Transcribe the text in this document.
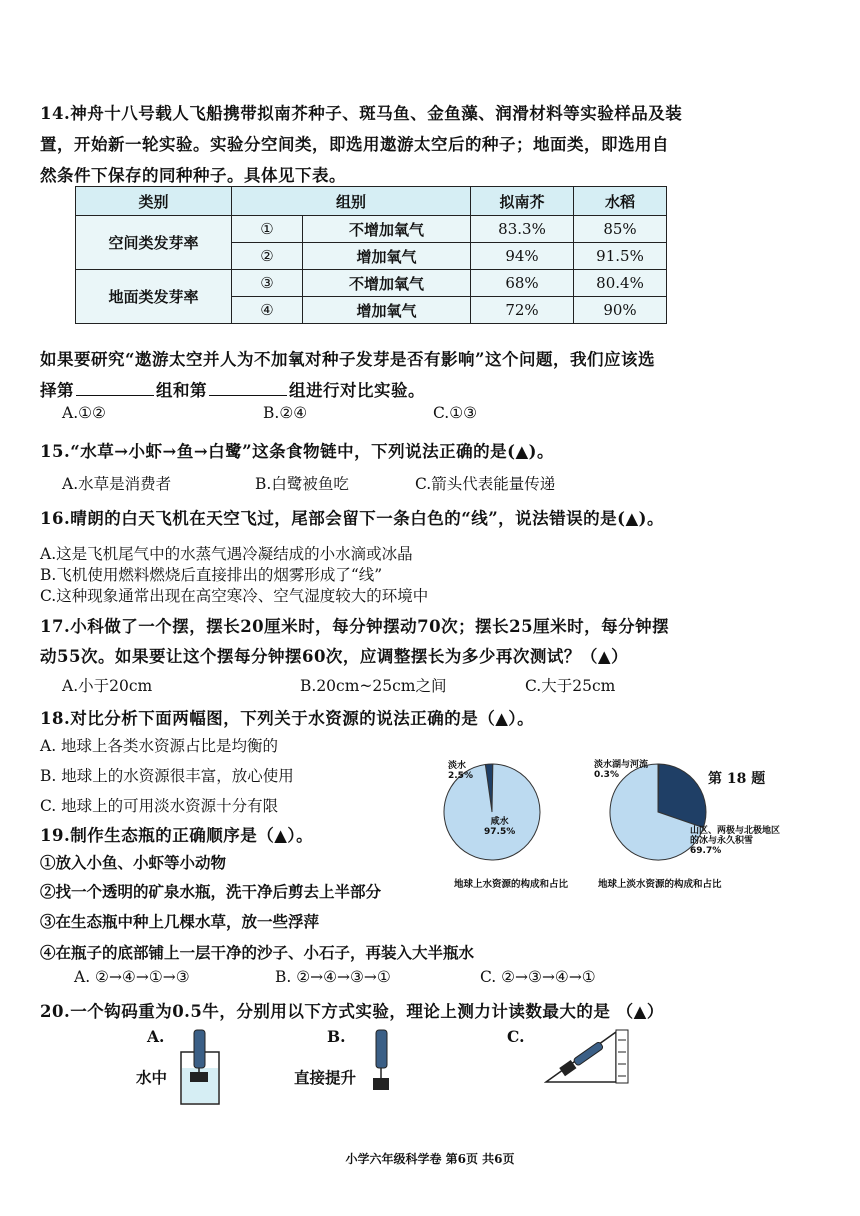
14.神舟十八号载人飞船携带拟南芥种子、斑马鱼、金鱼藻、润滑材料等实验样品及装
置，开始新一轮实验。实验分空间类，即选用遨游太空后的种子；地面类，即选用自
然条件下保存的同种种子。具体见下表。
类别	组别		拟南芥	水稻
空间类发芽率	①	不增加氧气	83.3%	85%
	②	增加氧气	94%	91.5%
地面类发芽率	③	不增加氧气	68%	80.4%
	④	增加氧气	72%	90%
如果要研究“遨游太空并人为不加氧对种子发芽是否有影响”这个问题，我们应该选
择第	组和第	组进行对比实验。
A.①②	B.②④	C.①③
15.“水草→小虾→鱼→白鹭”这条食物链中，下列说法正确的是(▲)。
A.水草是消费者	B.白鹭被鱼吃	C.箭头代表能量传递
16.晴朗的白天飞机在天空飞过，尾部会留下一条白色的“线”，说法错误的是(▲)。
A.这是飞机尾气中的水蒸气遇冷凝结成的小水滴或冰晶
B.飞机使用燃料燃烧后直接排出的烟雾形成了“线”
C.这种现象通常出现在高空寒冷、空气湿度较大的环境中
17.小科做了一个摆，摆长20厘米时，每分钟摆动70次；摆长25厘米时，每分钟摆
动55次。如果要让这个摆每分钟摆60次，应调整摆长为多少再次测试？（▲）
A.小于20cm	B.20cm~25cm之间	C.大于25cm
18.对比分析下面两幅图，下列关于水资源的说法正确的是（▲）。
A. 地球上各类水资源占比是均衡的
B. 地球上的水资源很丰富，放心使用
C. 地球上的可用淡水资源十分有限
第 18 题
淡水
2.5%
咸水
97.5%
淡水湖与河流0.3%
山区、两极与北极地区的冰与永久积雪69.7%
地球上水资源的构成和占比	地球上淡水资源的构成和占比
19.制作生态瓶的正确顺序是（▲）。
①放入小鱼、小虾等小动物
②找一个透明的矿泉水瓶，洗干净后剪去上半部分
③在生态瓶中种上几棵水草，放一些浮萍
④在瓶子的底部铺上一层干净的沙子、小石子，再装入大半瓶水
A. ②→④→①→③	B. ②→④→③→①	C. ②→③→④→①
20.一个钩码重为0.5牛，分别用以下方式实验，理论上测力计读数最大的是 （▲）
A.	B.	C.
水中	直接提升
小学六年级科学卷 第6页 共6页
